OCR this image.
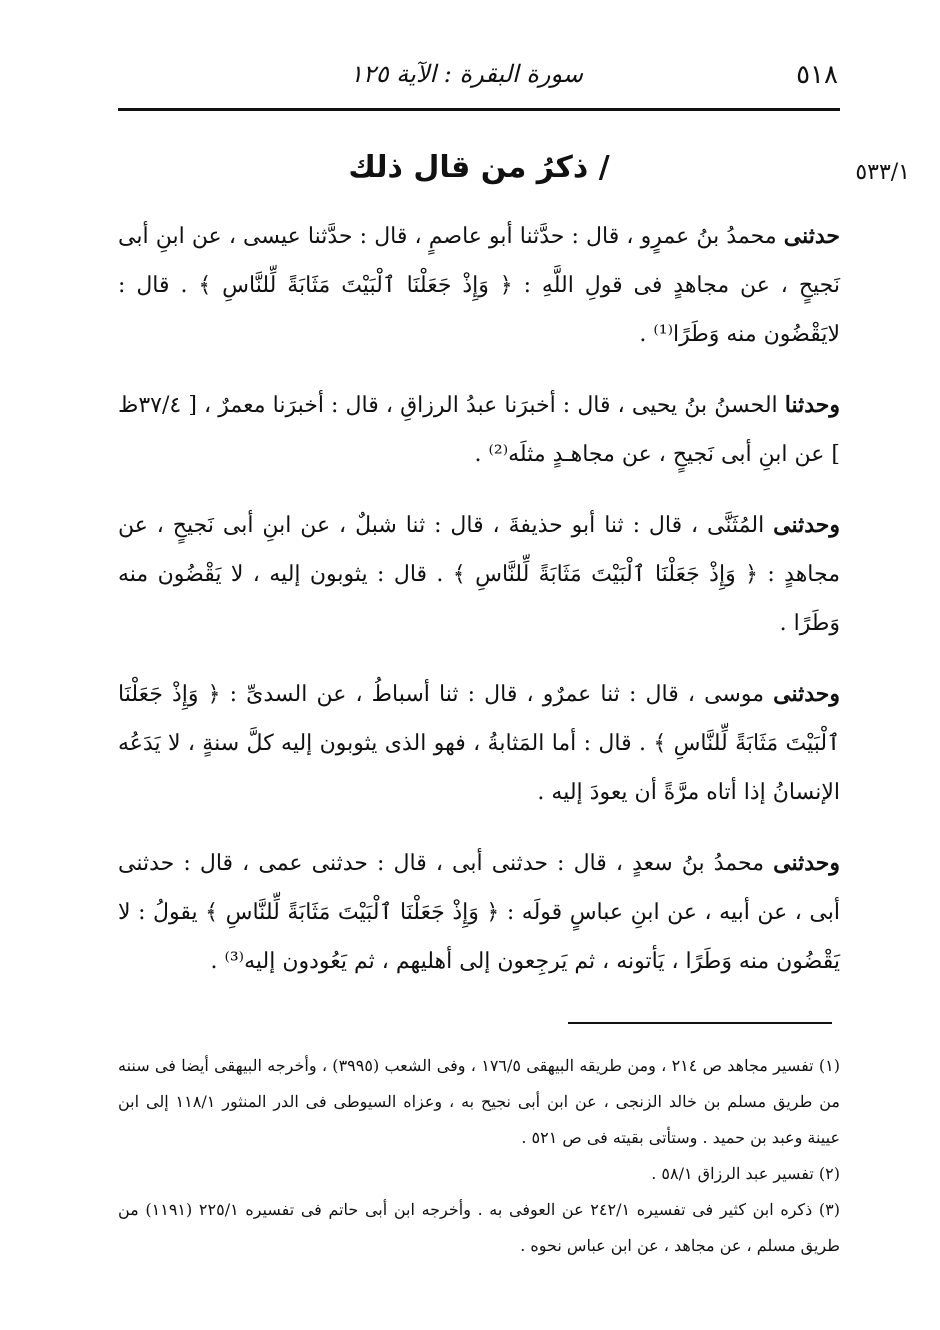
٥١٨
سورة البقرة : الآية ١٢٥
٥٣٣/١
/ ذكرُ من قال ذلك

حدثنى محمدُ بنُ عمرٍو ، قال : حدَّثنا أبو عاصمٍ ، قال : حدَّثنا عيسى ، عن ابنِ أبى نَجيحٍ ، عن مجاهدٍ فى قولِ اللَّهِ : ﴿ وَإِذْ جَعَلْنَا ٱلْبَيْتَ مَثَابَةً لِّلنَّاسِ ﴾ . قال : لايَقْضُون منه وَطَرًا⁽¹⁾ .

وحدثنا الحسنُ بنُ يحيى ، قال : أخبرَنا عبدُ الرزاقِ ، قال : أخبرَنا معمرٌ ، [ ٣٧/٤ظ ] عن ابنِ أبى نَجيحٍ ، عن مجاهـدٍ مثلَه⁽²⁾ .

وحدثنى المُثَنَّى ، قال : ثنا أبو حذيفةَ ، قال : ثنا شبلٌ ، عن ابنِ أبى نَجيحٍ ، عن مجاهدٍ : ﴿ وَإِذْ جَعَلْنَا ٱلْبَيْتَ مَثَابَةً لِّلنَّاسِ ﴾ . قال : يثوبون إليه ، لا يَقْضُون منه وَطَرًا .

وحدثنى موسى ، قال : ثنا عمرٌو ، قال : ثنا أسباطُ ، عن السدىِّ : ﴿ وَإِذْ جَعَلْنَا ٱلْبَيْتَ مَثَابَةً لِّلنَّاسِ ﴾ . قال : أما المَثابةُ ، فهو الذى يثوبون إليه كلَّ سنةٍ ، لا يَدَعُه الإنسانُ إذا أتاه مرَّةً أن يعودَ إليه .

وحدثنى محمدُ بنُ سعدٍ ، قال : حدثنى أبى ، قال : حدثنى عمى ، قال : حدثنى أبى ، عن أبيه ، عن ابنِ عباسٍ قولَه : ﴿ وَإِذْ جَعَلْنَا ٱلْبَيْتَ مَثَابَةً لِّلنَّاسِ ﴾ يقولُ : لا يَقْضُون منه وَطَرًا ، يَأتونه ، ثم يَرجِعون إلى أهليهم ، ثم يَعُودون إليه⁽³⁾ .

(١) تفسير مجاهد ص ٢١٤ ، ومن طريقه البيهقى ١٧٦/٥ ، وفى الشعب (٣٩٩٥) ، وأخرجه البيهقى أيضا فى سننه من طريق مسلم بن خالد الزنجى ، عن ابن أبى نجيح به ، وعزاه السيوطى فى الدر المنثور ١١٨/١ إلى ابن عيينة وعبد بن حميد . وستأتى بقيته فى ص ٥٢١ .

(٢) تفسير عبد الرزاق ٥٨/١ .

(٣) ذكره ابن كثير فى تفسيره ٢٤٢/١ عن العوفى به . وأخرجه ابن أبى حاتم فى تفسيره ٢٢٥/١ (١١٩١) من طريق مسلم ، عن مجاهد ، عن ابن عباس نحوه .
